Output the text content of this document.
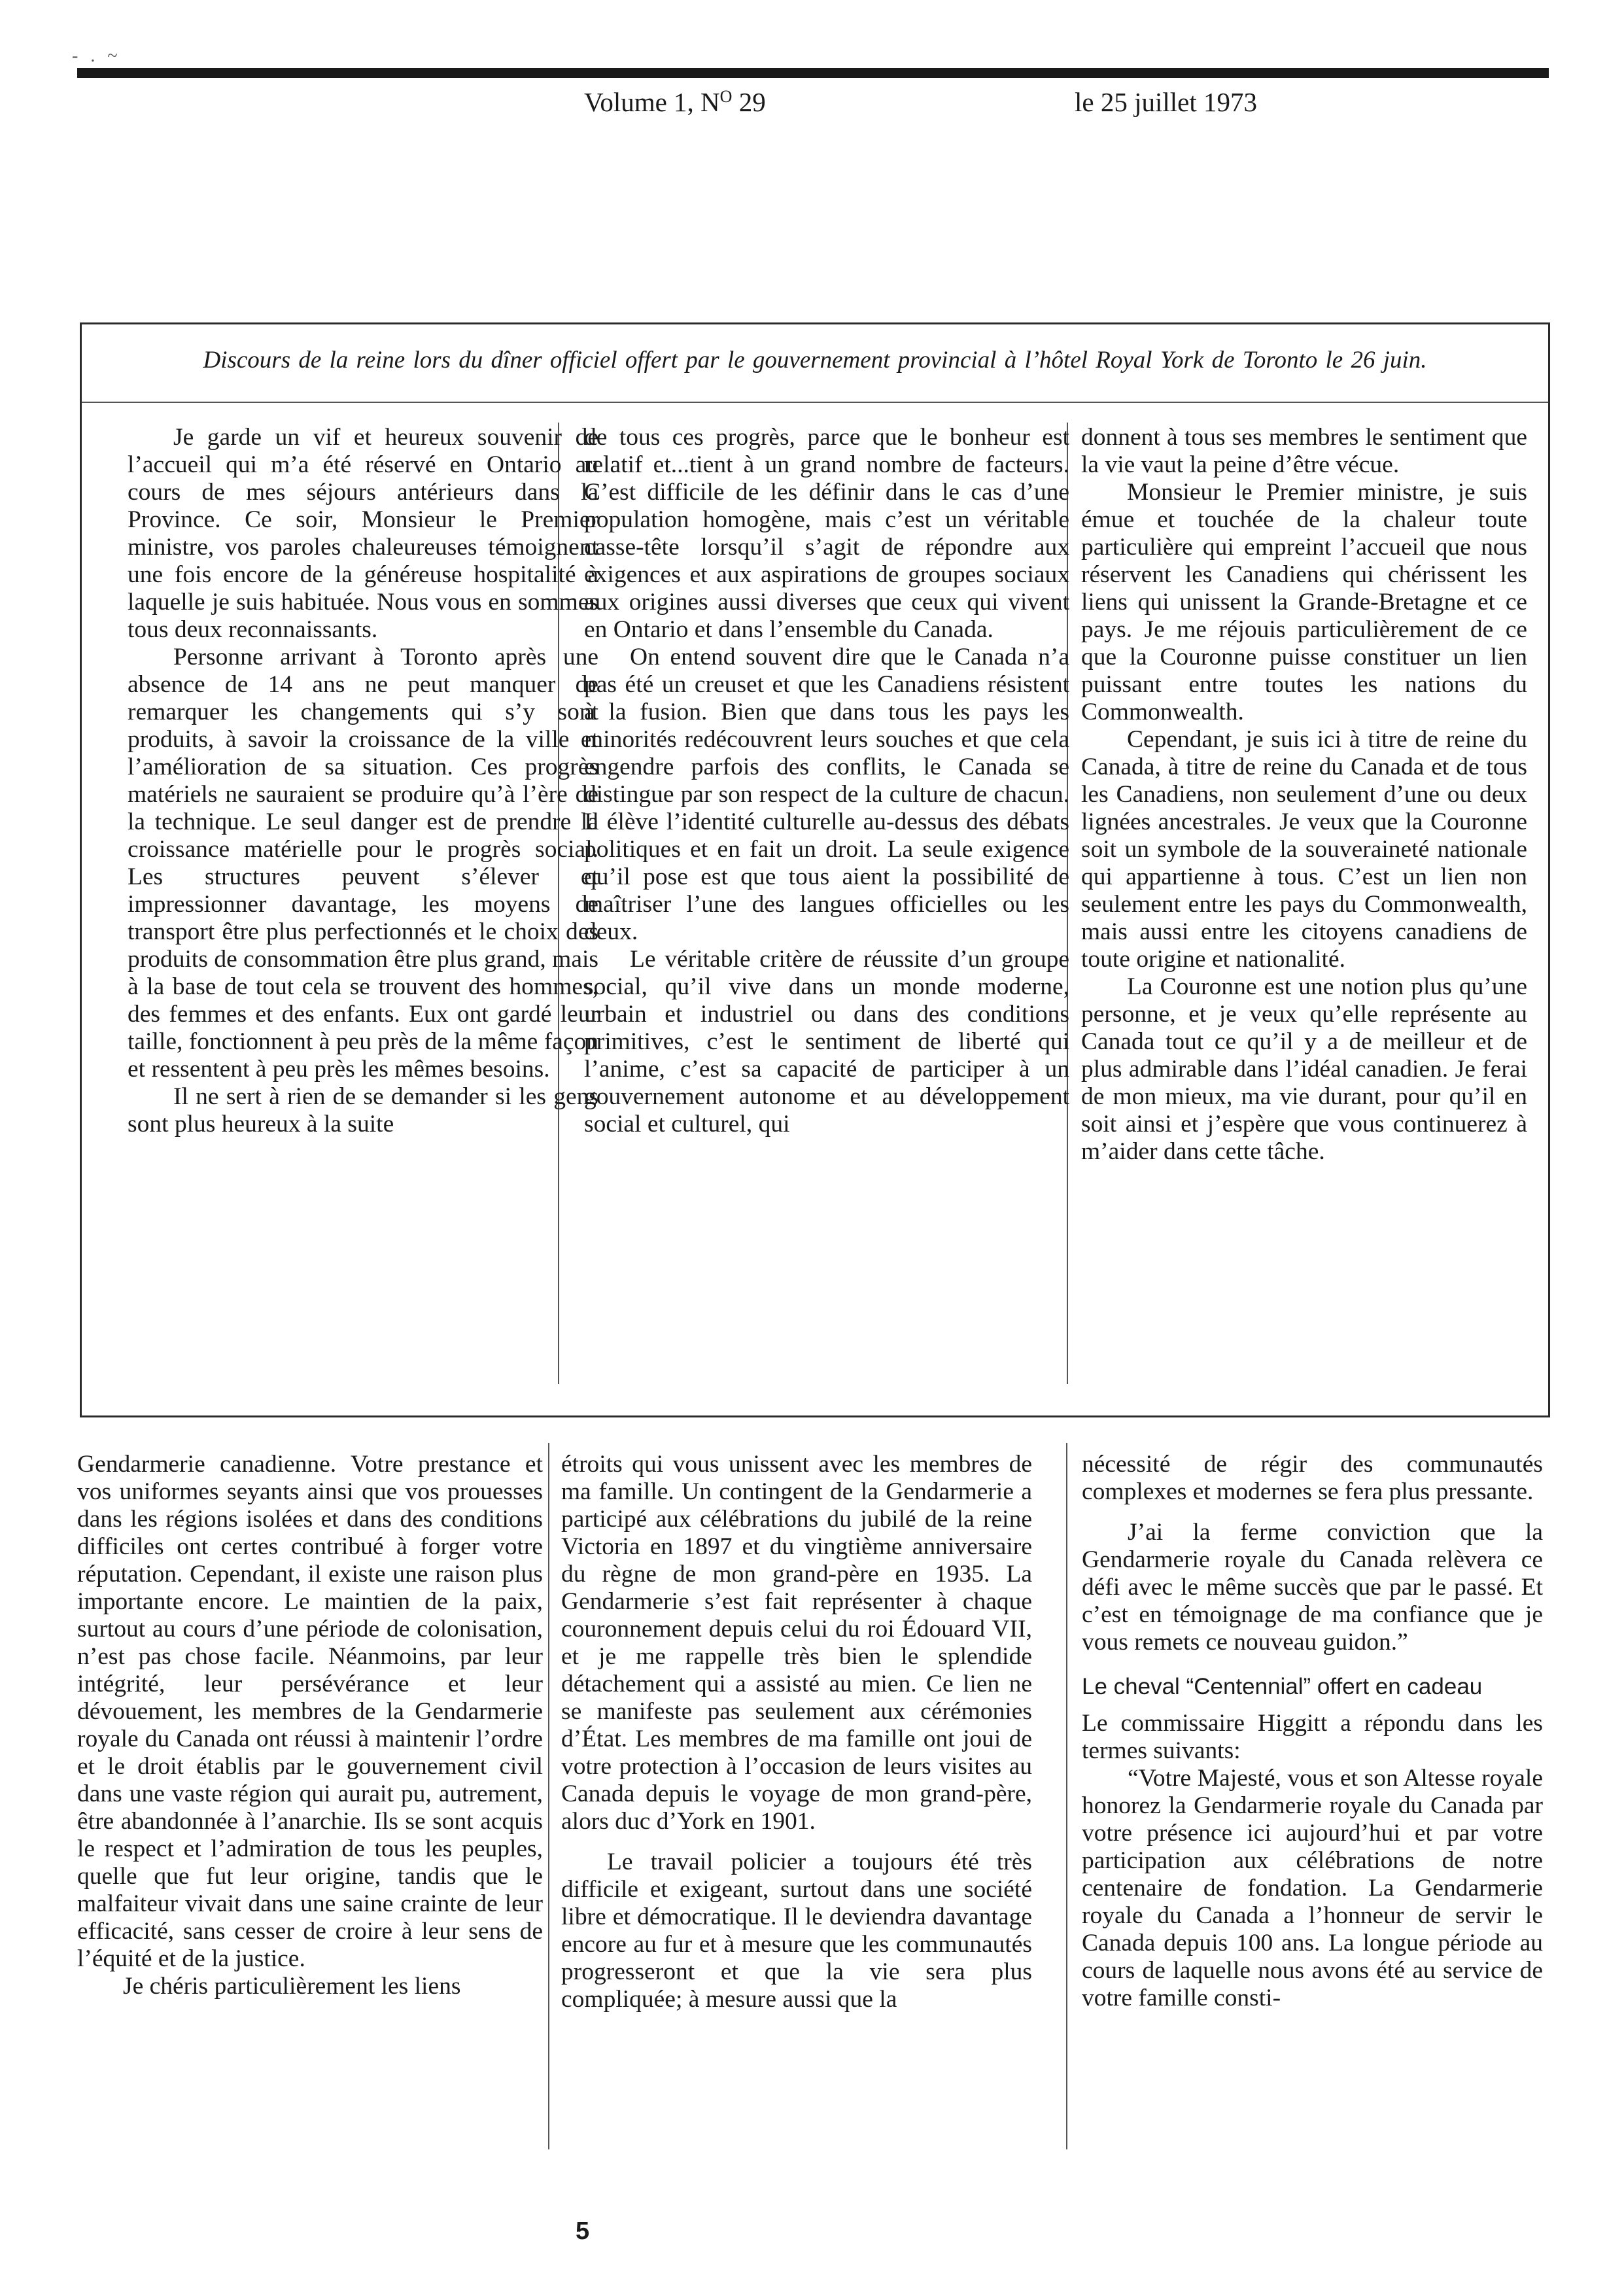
- . ~
Volume 1, $N^O$ 29	le 25 juillet 1973
Discours de la reine lors du dîner officiel offert par le gouvernement provincial à l’hôtel Royal York de Toronto le 26 juin.

Je garde un vif et heureux souvenir de l’accueil qui m’a été réservé en Ontario au cours de mes séjours antérieurs dans la Province. Ce soir, Monsieur le Premier ministre, vos paroles chaleureuses témoignent une fois encore de la généreuse hospitalité à laquelle je suis habituée. Nous vous en sommes tous deux reconnaissants.

Personne arrivant à Toronto après une absence de 14 ans ne peut manquer de remarquer les changements qui s’y sont produits, à savoir la croissance de la ville et l’amélioration de sa situation. Ces progrès matériels ne sauraient se produire qu’à l’ère de la technique. Le seul danger est de prendre la croissance matérielle pour le progrès social. Les structures peuvent s’élever et impressionner davantage, les moyens de transport être plus perfectionnés et le choix des produits de consommation être plus grand, mais à la base de tout cela se trouvent des hommes, des femmes et des enfants. Eux ont gardé leur taille, fonctionnent à peu près de la même façon et ressentent à peu près les mêmes besoins.

Il ne sert à rien de se demander si les gens sont plus heureux à la suite

de tous ces progrès, parce que le bonheur est relatif et...tient à un grand nombre de facteurs. C’est difficile de les définir dans le cas d’une population homogène, mais c’est un véritable casse-tête lorsqu’il s’agit de répondre aux exigences et aux aspirations de groupes sociaux aux origines aussi diverses que ceux qui vivent en Ontario et dans l’ensemble du Canada.

On entend souvent dire que le Canada n’a pas été un creuset et que les Canadiens résistent à la fusion. Bien que dans tous les pays les minorités redécouvrent leurs souches et que cela engendre parfois des conflits, le Canada se distingue par son respect de la culture de chacun. Il élève l’identité culturelle au-dessus des débats politiques et en fait un droit. La seule exigence qu’il pose est que tous aient la possibilité de maîtriser l’une des langues officielles ou les deux.

Le véritable critère de réussite d’un groupe social, qu’il vive dans un monde moderne, urbain et industriel ou dans des conditions primitives, c’est le sentiment de liberté qui l’anime, c’est sa capacité de participer à un gouvernement autonome et au développement social et culturel, qui

donnent à tous ses membres le sentiment que la vie vaut la peine d’être vécue.

Monsieur le Premier ministre, je suis émue et touchée de la chaleur toute particulière qui empreint l’accueil que nous réservent les Canadiens qui chérissent les liens qui unissent la Grande-Bretagne et ce pays. Je me réjouis particulièrement de ce que la Couronne puisse constituer un lien puissant entre toutes les nations du Commonwealth.

Cependant, je suis ici à titre de reine du Canada, à titre de reine du Canada et de tous les Canadiens, non seulement d’une ou deux lignées ancestrales. Je veux que la Couronne soit un symbole de la souveraineté nationale qui appartienne à tous. C’est un lien non seulement entre les pays du Commonwealth, mais aussi entre les citoyens canadiens de toute origine et nationalité.

La Couronne est une notion plus qu’une personne, et je veux qu’elle représente au Canada tout ce qu’il y a de meilleur et de plus admirable dans l’idéal canadien. Je ferai de mon mieux, ma vie durant, pour qu’il en soit ainsi et j’espère que vous continuerez à m’aider dans cette tâche.

Gendarmerie canadienne. Votre prestance et vos uniformes seyants ainsi que vos prouesses dans les régions isolées et dans des conditions difficiles ont certes contribué à forger votre réputation. Cependant, il existe une raison plus importante encore. Le maintien de la paix, surtout au cours d’une période de colonisation, n’est pas chose facile. Néanmoins, par leur intégrité, leur persévérance et leur dévouement, les membres de la Gendarmerie royale du Canada ont réussi à maintenir l’ordre et le droit établis par le gouvernement civil dans une vaste région qui aurait pu, autrement, être abandonnée à l’anarchie. Ils se sont acquis le respect et l’admiration de tous les peuples, quelle que fut leur origine, tandis que le malfaiteur vivait dans une saine crainte de leur efficacité, sans cesser de croire à leur sens de l’équité et de la justice.

Je chéris particulièrement les liens

étroits qui vous unissent avec les membres de ma famille. Un contingent de la Gendarmerie a participé aux célébrations du jubilé de la reine Victoria en 1897 et du vingtième anniversaire du règne de mon grand-père en 1935. La Gendarmerie s’est fait représenter à chaque couronnement depuis celui du roi Édouard VII, et je me rappelle très bien le splendide détachement qui a assisté au mien. Ce lien ne se manifeste pas seulement aux cérémonies d’État. Les membres de ma famille ont joui de votre protection à l’occasion de leurs visites au Canada depuis le voyage de mon grand-père, alors duc d’York en 1901.

Le travail policier a toujours été très difficile et exigeant, surtout dans une société libre et démocratique. Il le deviendra davantage encore au fur et à mesure que les communautés progresseront et que la vie sera plus compliquée; à mesure aussi que la

nécessité de régir des communautés complexes et modernes se fera plus pressante.

J’ai la ferme conviction que la Gendarmerie royale du Canada relèvera ce défi avec le même succès que par le passé. Et c’est en témoignage de ma confiance que je vous remets ce nouveau guidon.”

Le cheval “Centennial” offert en cadeau

Le commissaire Higgitt a répondu dans les termes suivants:

“Votre Majesté, vous et son Altesse royale honorez la Gendarmerie royale du Canada par votre présence ici aujourd’hui et par votre participation aux célébrations de notre centenaire de fondation. La Gendarmerie royale du Canada a l’honneur de servir le Canada depuis 100 ans. La longue période au cours de laquelle nous avons été au service de votre famille consti-

5
